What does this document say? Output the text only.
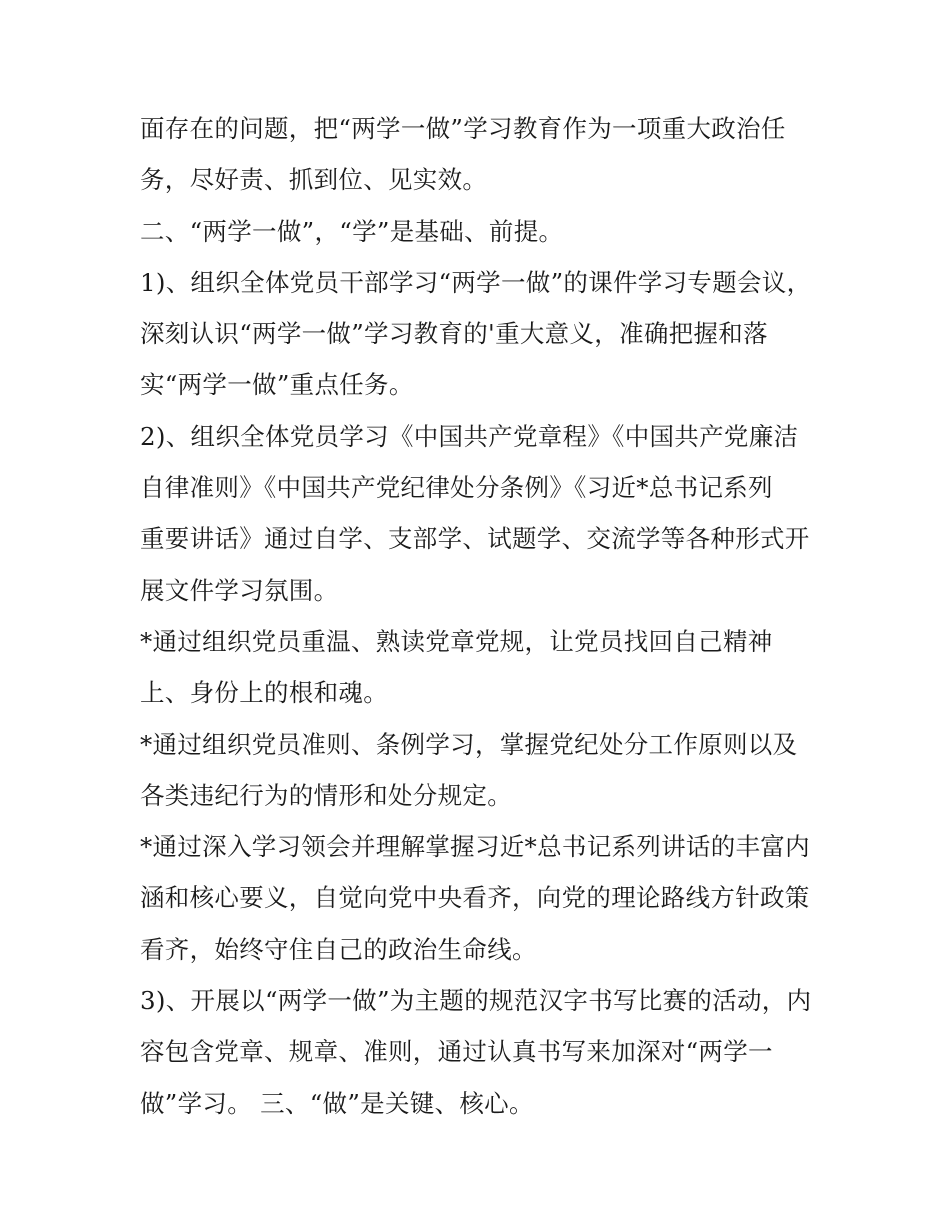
面存在的问题，把“两学一做”学习教育作为一项重大政治任
务，尽好责、抓到位、见实效。
二、“两学一做”，“学”是基础、前提。
1)、组织全体党员干部学习“两学一做”的课件学习专题会议，
深刻认识“两学一做”学习教育的'重大意义，准确把握和落
实“两学一做”重点任务。
2)、组织全体党员学习《中国共产党章程》《中国共产党廉洁
自律准则》《中国共产党纪律处分条例》《习近*总书记系列
重要讲话》通过自学、支部学、试题学、交流学等各种形式开
展文件学习氛围。
*通过组织党员重温、熟读党章党规，让党员找回自己精神
上、身份上的根和魂。
*通过组织党员准则、条例学习，掌握党纪处分工作原则以及
各类违纪行为的情形和处分规定。
*通过深入学习领会并理解掌握习近*总书记系列讲话的丰富内
涵和核心要义，自觉向党中央看齐，向党的理论路线方针政策
看齐，始终守住自己的政治生命线。
3)、开展以“两学一做”为主题的规范汉字书写比赛的活动，内
容包含党章、规章、准则，通过认真书写来加深对“两学一
做”学习。 三、“做”是关键、核心。
